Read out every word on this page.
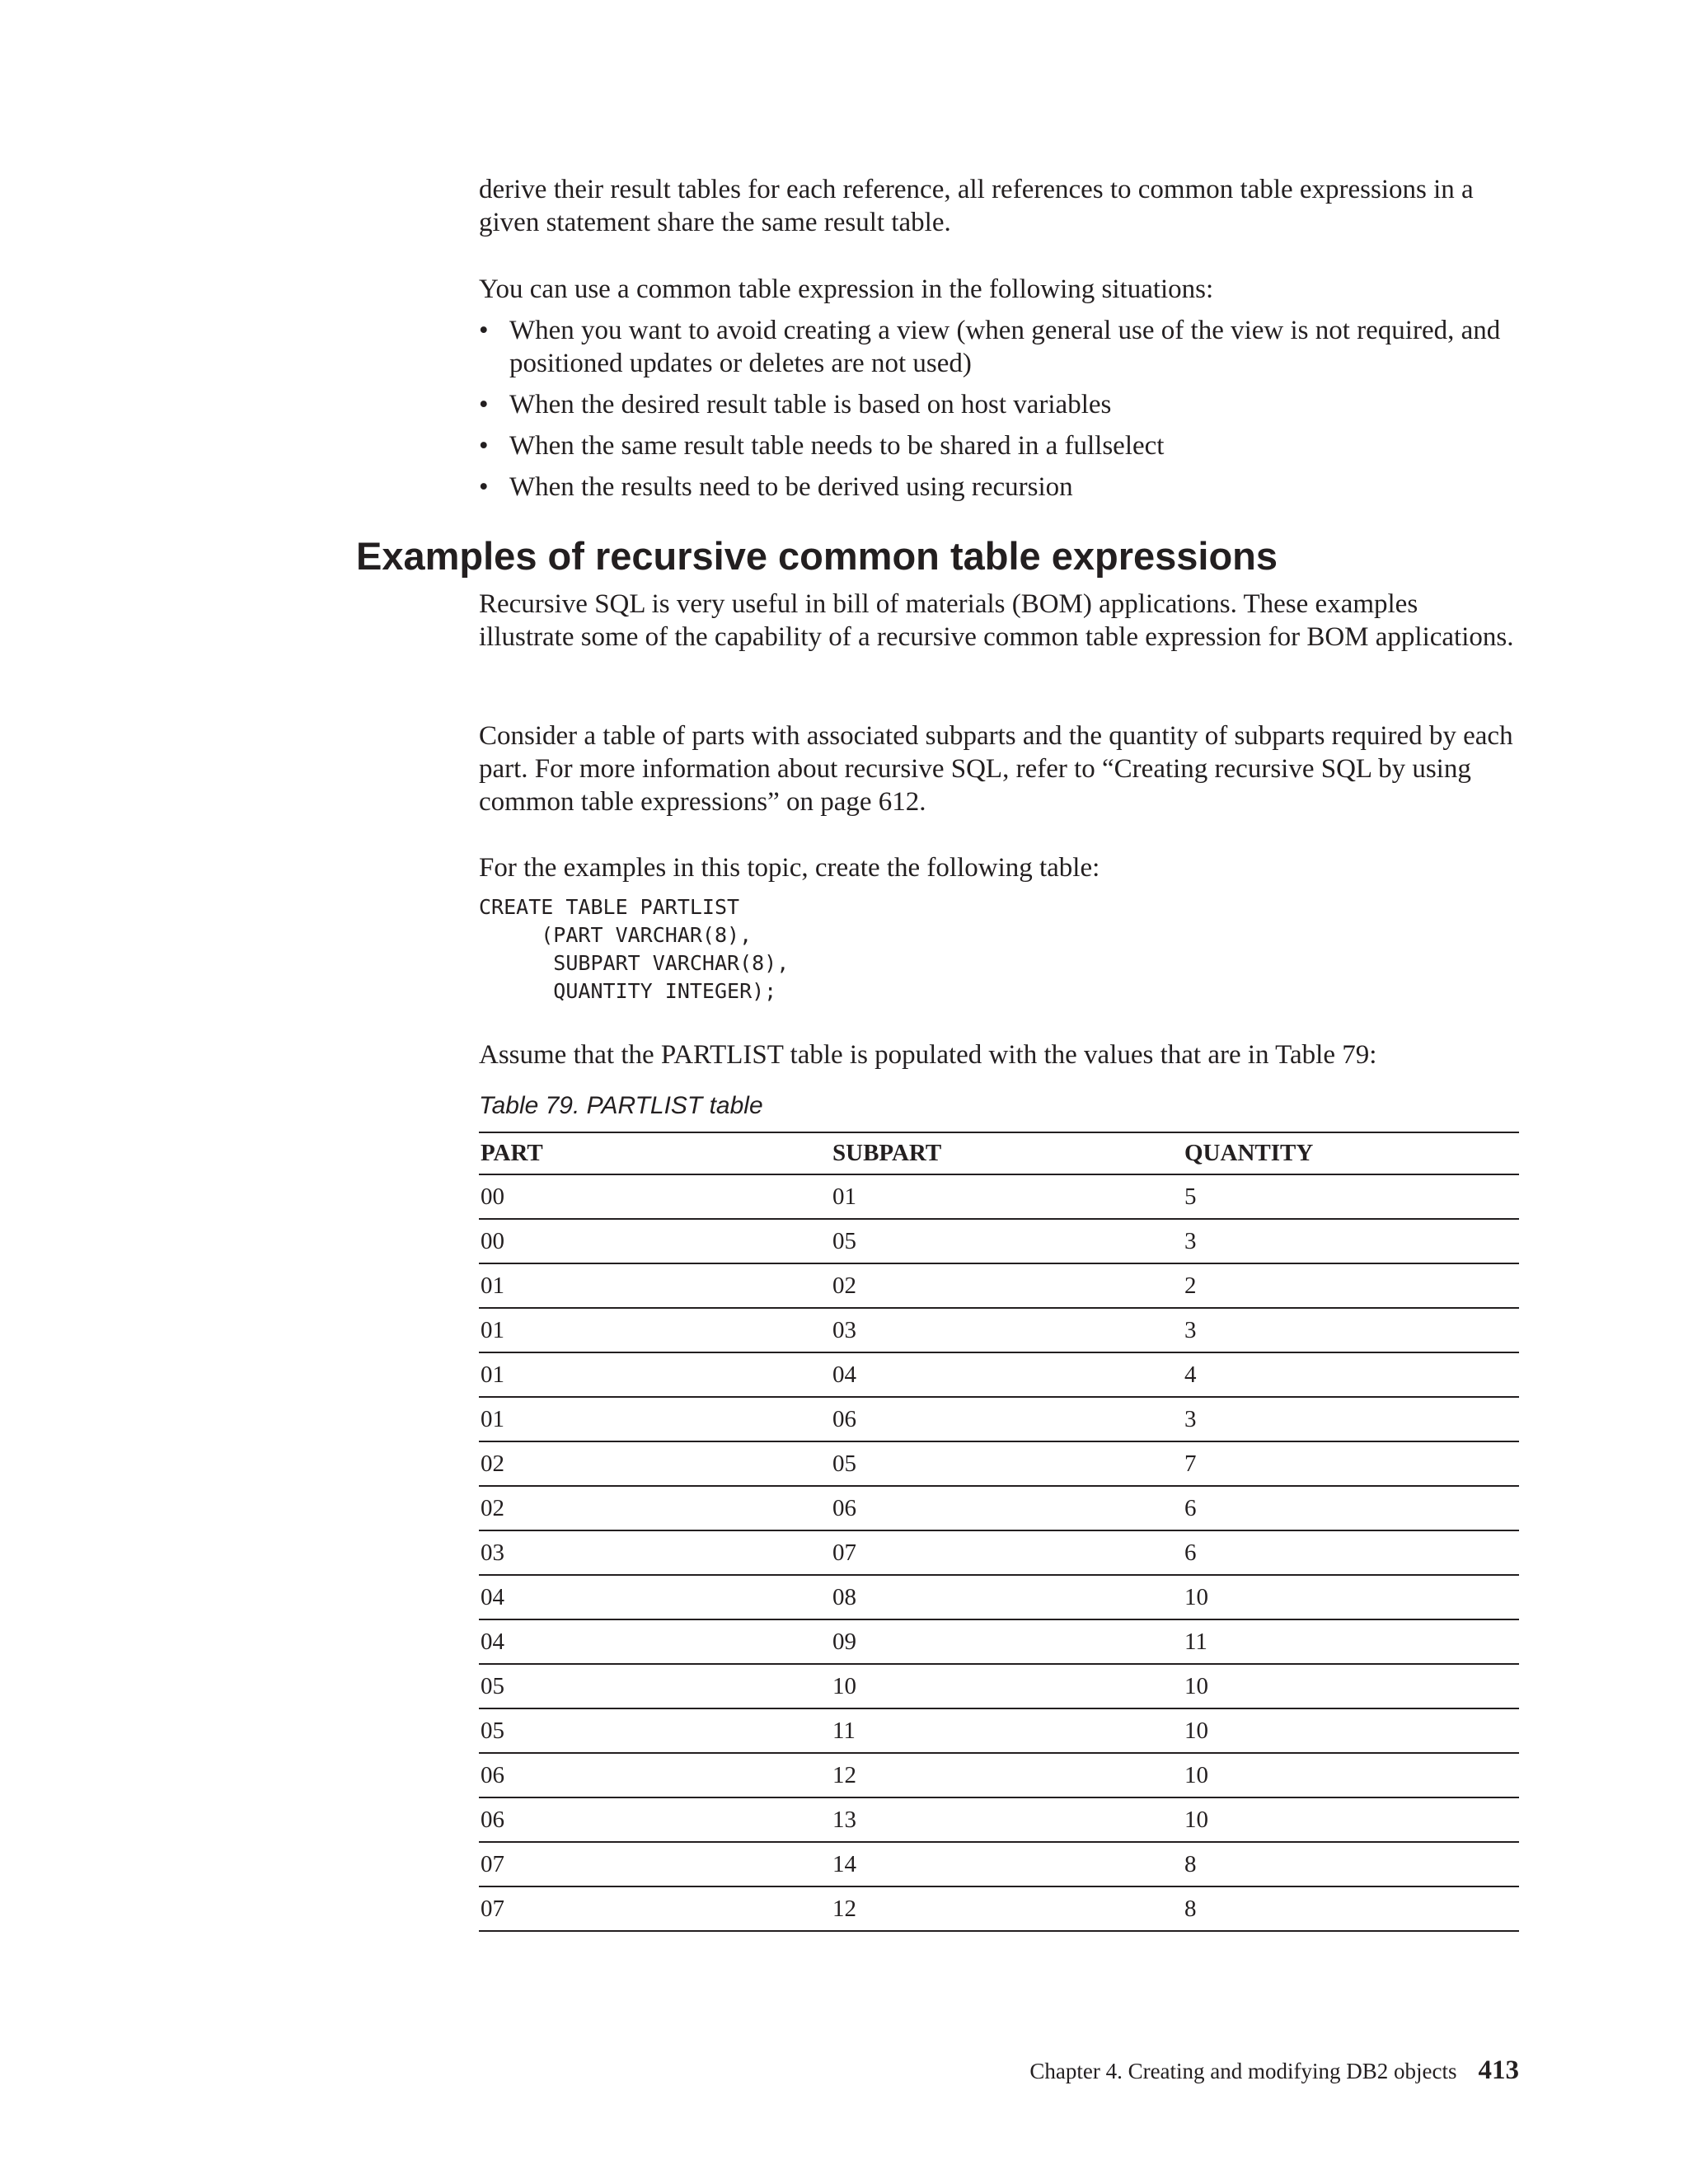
derive their result tables for each reference, all references to common table expressions in a given statement share the same result table.

You can use a common table expression in the following situations:

• When you want to avoid creating a view (when general use of the view is not required, and positioned updates or deletes are not used)
• When the desired result table is based on host variables
• When the same result table needs to be shared in a fullselect
• When the results need to be derived using recursion
Examples of recursive common table expressions

Recursive SQL is very useful in bill of materials (BOM) applications. These examples illustrate some of the capability of a recursive common table expression for BOM applications.

Consider a table of parts with associated subparts and the quantity of subparts required by each part. For more information about recursive SQL, refer to “Creating recursive SQL by using common table expressions” on page 612.

For the examples in this topic, create the following table:

CREATE TABLE PARTLIST
(PART VARCHAR(8),
SUBPART VARCHAR(8),
QUANTITY INTEGER);

Assume that the PARTLIST table is populated with the values that are in Table 79:

Table 79. PARTLIST table

PART	SUBPART	QUANTITY
00	01	5
00	05	3
01	02	2
01	03	3
01	04	4
01	06	3
02	05	7
02	06	6
03	07	6
04	08	10
04	09	11
05	10	10
05	11	10
06	12	10
06	13	10
07	14	8
07	12	8
Chapter 4. Creating and modifying DB2 objects 413
